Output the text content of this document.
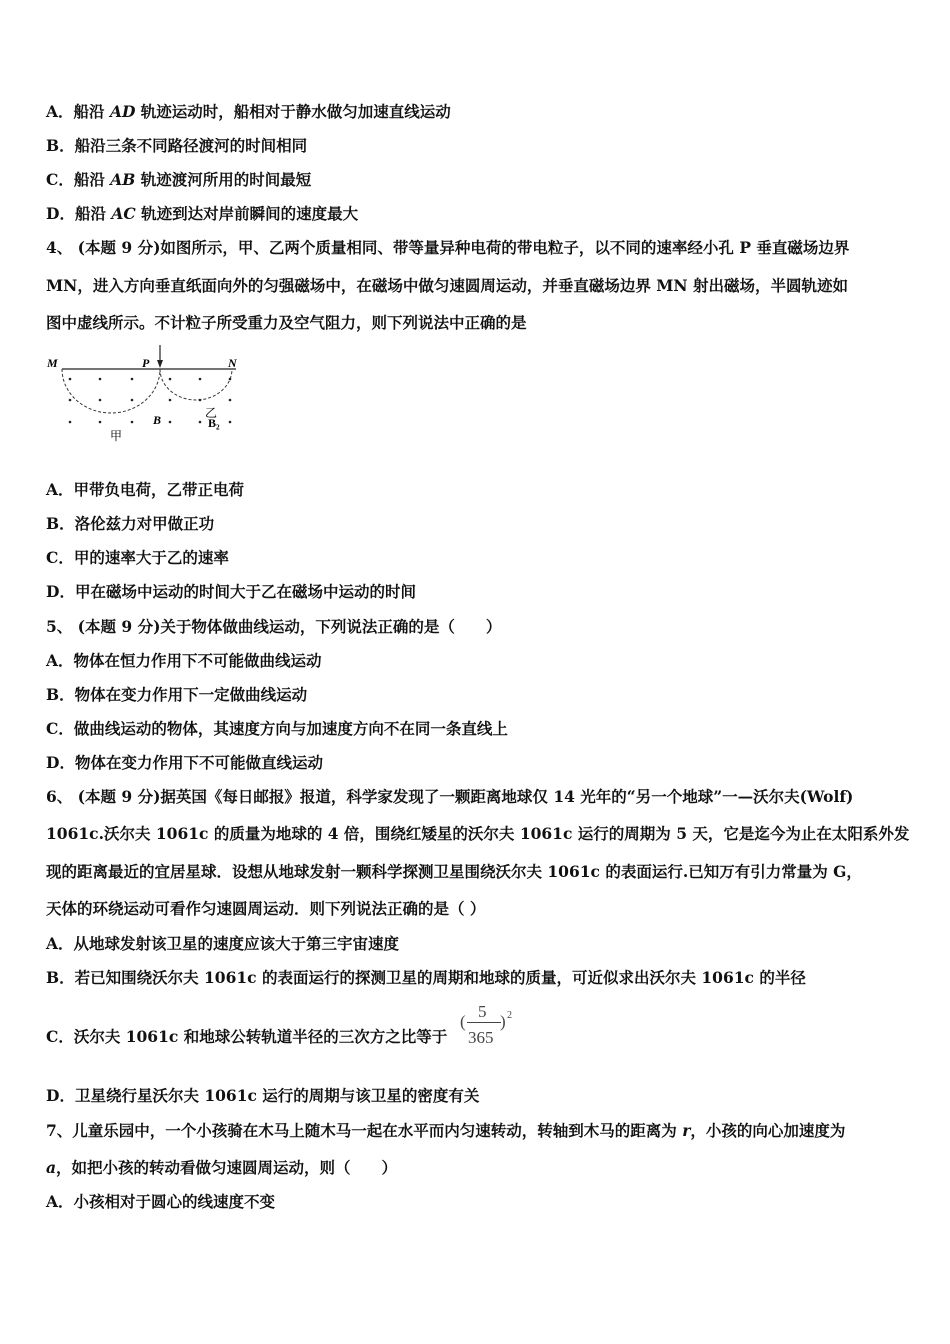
A．船沿 AD 轨迹运动时，船相对于静水做匀加速直线运动
B．船沿三条不同路径渡河的时间相同
C．船沿 AB 轨迹渡河所用的时间最短
D．船沿 AC 轨迹到达对岸前瞬间的速度最大
4、 (本题 9 分)如图所示，甲、乙两个质量相同、带等量异种电荷的带电粒子，以不同的速率经小孔 P 垂直磁场边界
MN，进入方向垂直纸面向外的匀强磁场中，在磁场中做匀速圆周运动，并垂直磁场边界 MN 射出磁场，半圆轨迹如
图中虚线所示。不计粒子所受重力及空气阻力，则下列说法中正确的是
M	P	N
B
甲
乙
B₂
A．甲带负电荷，乙带正电荷
B．洛伦兹力对甲做正功
C．甲的速率大于乙的速率
D．甲在磁场中运动的时间大于乙在磁场中运动的时间
5、 (本题 9 分)关于物体做曲线运动，下列说法正确的是（　　）
A．物体在恒力作用下不可能做曲线运动
B．物体在变力作用下一定做曲线运动
C．做曲线运动的物体，其速度方向与加速度方向不在同一条直线上
D．物体在变力作用下不可能做直线运动
6、 (本题 9 分)据英国《每日邮报》报道，科学家发现了一颗距离地球仅 14 光年的“另一个地球”一—沃尔夫(Wolf)
1061c.沃尔夫 1061c 的质量为地球的 4 倍，围绕红矮星的沃尔夫 1061c 运行的周期为 5 天，它是迄今为止在太阳系外发
现的距离最近的宜居星球．设想从地球发射一颗科学探测卫星围绕沃尔夫 1061c 的表面运行.已知万有引力常量为 G，
天体的环绕运动可看作匀速圆周运动．则下列说法正确的是（ ）
A．从地球发射该卫星的速度应该大于第三宇宙速度
B．若已知围绕沃尔夫 1061c 的表面运行的探测卫星的周期和地球的质量，可近似求出沃尔夫 1061c 的半径
C．沃尔夫 1061c 和地球公转轨道半径的三次方之比等于
(
5
365
) 2
D．卫星绕行星沃尔夫 1061c 运行的周期与该卫星的密度有关
7、儿童乐园中，一个小孩骑在木马上随木马一起在水平而内匀速转动，转轴到木马的距离为 r，小孩的向心加速度为
a，如把小孩的转动看做匀速圆周运动，则（　　）
A．小孩相对于圆心的线速度不变
